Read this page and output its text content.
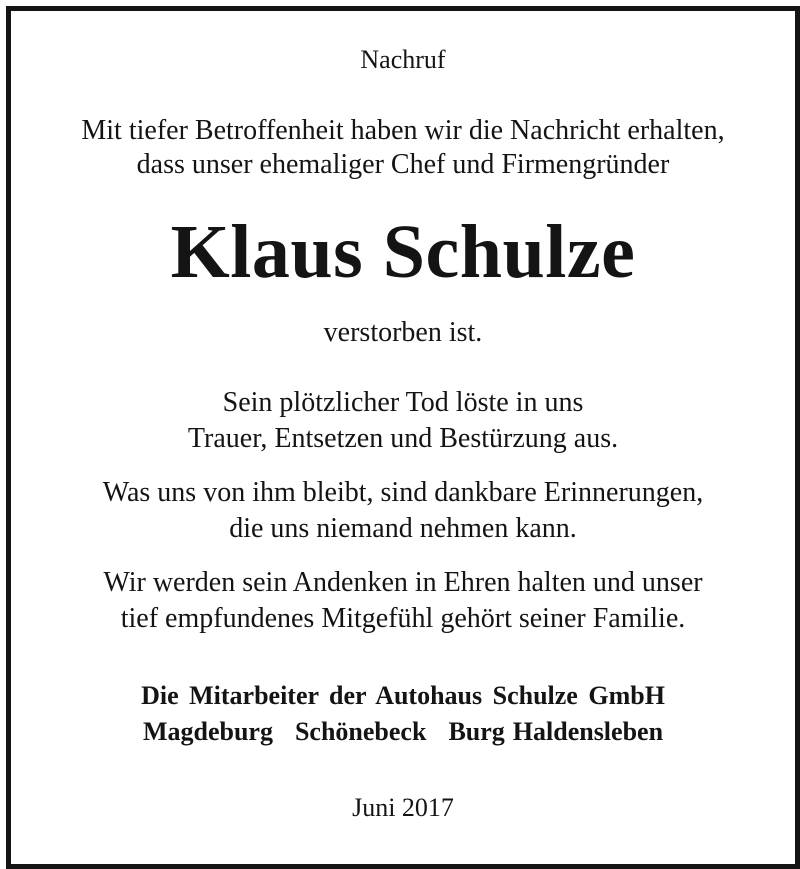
Nachruf
Mit tiefer Betroffenheit haben wir die Nachricht erhalten,
dass unser ehemaliger Chef und Firmengründer
Klaus Schulze
verstorben ist.
Sein plötzlicher Tod löste in uns
Trauer, Entsetzen und Bestürzung aus.
Was uns von ihm bleibt, sind dankbare Erinnerungen,
die uns niemand nehmen kann.
Wir werden sein Andenken in Ehren halten und unser
tief empfundenes Mitgefühl gehört seiner Familie.
Die Mitarbeiter der Autohaus Schulze GmbH
Magdeburg Schönebeck Burg Haldensleben
Juni 2017
